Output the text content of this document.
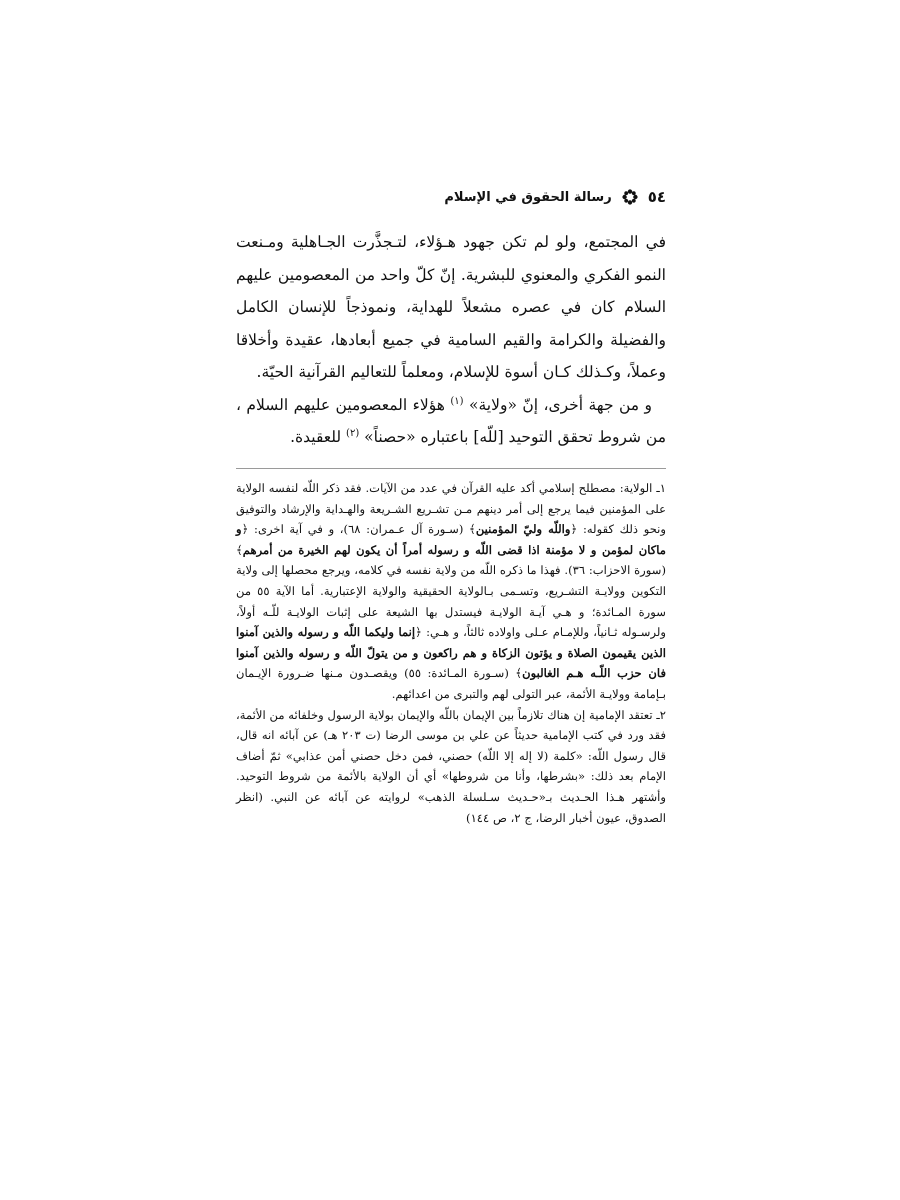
٥٤
رسالة الحقوق في الإسلام

في المجتمع، ولو لم تكن جهود هـؤلاء، لتـجذَّرت الجـاهلية ومـنعت النمو الفكري والمعنوي للبشرية. إنّ كلّ واحد من المعصومين عليهم السلام كان في عصره مشعلاً للهداية، ونموذجاً للإنسان الكامل والفضيلة والكرامة والقيم السامية في جميع أبعادها، عقيدة وأخلاقا وعملاً، وكـذلك كـان أسوة للإسلام، ومعلماً للتعاليم القرآنية الحيّة.

و من جهة أخرى، إنّ «ولاية» $^{(١)}$ هؤلاء المعصومين عليهم السلام ، من شروط تحقق التوحيد [للّه] باعتباره «حصناً» $^{(٢)}$ للعقيدة.

١ـ الولاية: مصطلح إسلامي أكد عليه القرآن في عدد من الآيات. فقد ذكر اللّه لنفسه الولاية على المؤمنين فيما يرجع إلى أمر دينهم مـن تشـريع الشـريعة والهـداية والإرشاد والتوفيق ونحو ذلك كقوله: ﴿واللّه وليّ المؤمنين﴾ (سـورة آل عـمران: ٦٨)، و في آية اخرى: ﴿و ماكان لمؤمن و لا مؤمنة اذا قضى اللّه و رسوله أمراً أن يكون لهم الخيرة من أمرهم﴾ (سورة الاحزاب: ٣٦). فهذا ما ذكره اللّه من ولاية نفسه في كلامه، ويرجع محصلها إلى ولاية التكوين وولايـة التشـريع، وتسـمى بـالولاية الحقيقية والولاية الإعتبارية. أما الآية ٥٥ من سورة المـائدة؛ و هـي آيـة الولايـة فيستدل بها الشيعة على إثبات الولايـة للّـه أولاً، ولرسـوله ثـانياً، وللإمـام عـلى واولاده ثالثاً، و هـي: ﴿إنما وليكما اللّه و رسوله والذين آمنوا الذين يقيمون الصلاة و يؤتون الزكاة و هم راكعون و من يتولّ اللّه و رسوله والذين آمنوا فان حزب اللّـه هـم الغالبون﴾ (سـورة المـائدة: ٥٥) ويقصـدون مـنها ضـرورة الإيـمان بـإمامة وولايـة الأئمة، عبر التولى لهم والتبرى من اعدائهم.

٢ـ تعتقد الإمامية إن هناك تلازماً بين الإيمان باللّه والإيمان بولاية الرسول وخلفائه من الأئمة، فقد ورد في كتب الإمامية حديثاً عن علي بن موسى الرضا (ت ٢٠٣ هـ) عن آبائه انه قال، قال رسول اللّه: «كلمة (لا إله إلا اللّه) حصني، فمن دخل حصني أمن عذابي» ثمّ أضاف الإمام بعد ذلك: «بشرطها، وأنا من شروطها» أي أن الولاية بالأئمة من شروط التوحيد. وأشتهر هـذا الحـديث بـ«حـديث سـلسلة الذهب» لروايته عن آبائه عن النبي. (انظر الصدوق، عيون أخبار الرضا، ج ٢، ص ١٤٤)
